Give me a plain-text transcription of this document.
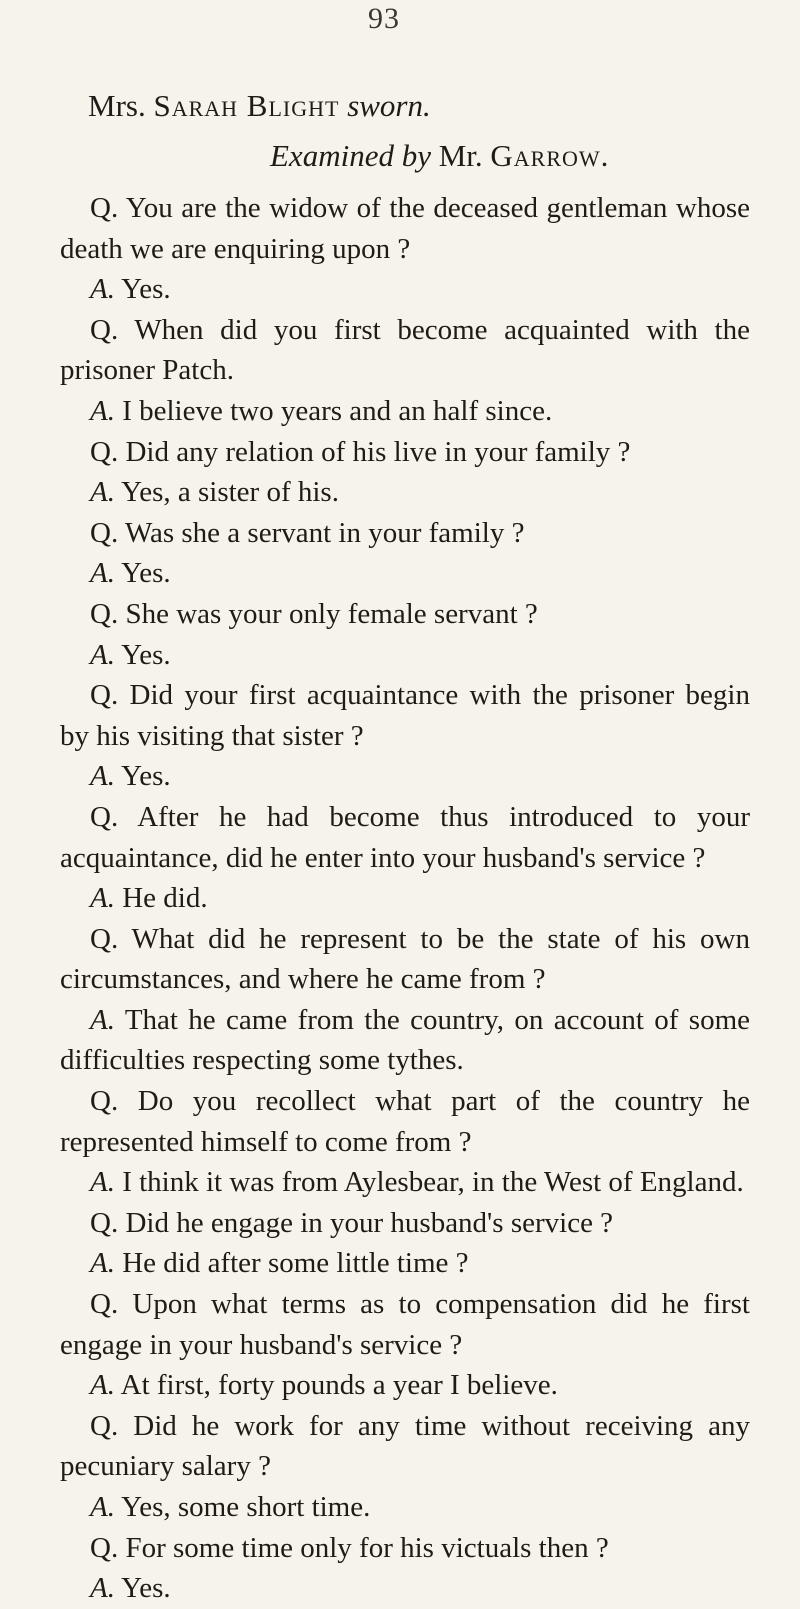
93
Mrs. Sarah Blight sworn.
Examined by Mr. Garrow.

Q. You are the widow of the deceased gentleman whose death we are enquiring upon ?

A. Yes.

Q. When did you first become acquainted with the prisoner Patch.

A. I believe two years and an half since.

Q. Did any relation of his live in your family ?

A. Yes, a sister of his.

Q. Was she a servant in your family ?

A. Yes.

Q. She was your only female servant ?

A. Yes.

Q. Did your first acquaintance with the prisoner begin by his visiting that sister ?

A. Yes.

Q. After he had become thus introduced to your acquaintance, did he enter into your husband's service ?

A. He did.

Q. What did he represent to be the state of his own circumstances, and where he came from ?

A. That he came from the country, on account of some difficulties respecting some tythes.

Q. Do you recollect what part of the country he represented himself to come from ?

A. I think it was from Aylesbear, in the West of England.

Q. Did he engage in your husband's service ?

A. He did after some little time ?

Q. Upon what terms as to compensation did he first engage in your husband's service ?

A. At first, forty pounds a year I believe.

Q. Did he work for any time without receiving any pecuniary salary ?

A. Yes, some short time.

Q. For some time only for his victuals then ?

A. Yes.
